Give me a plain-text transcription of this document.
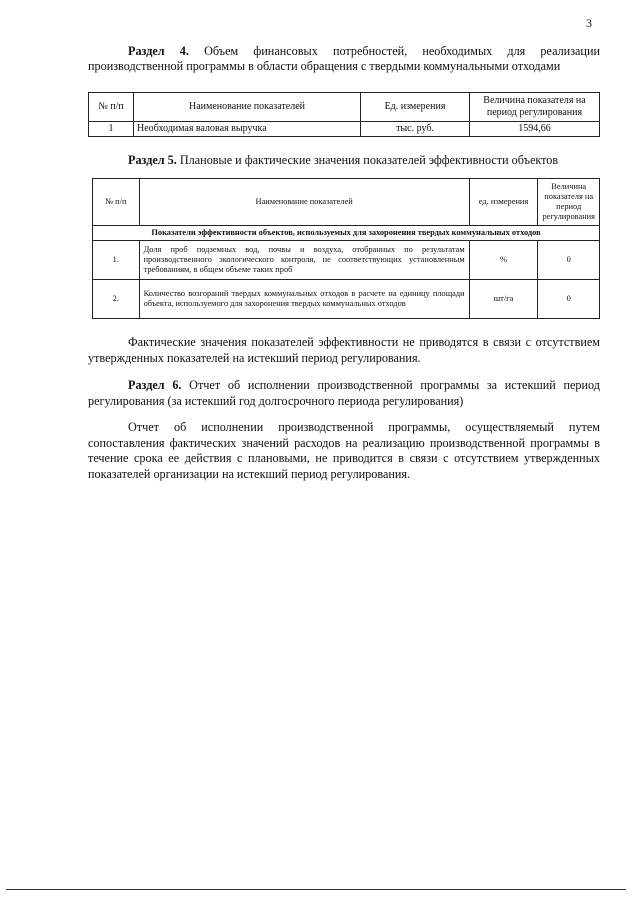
3
Раздел 4. Объем финансовых потребностей, необходимых для реализации производственной программы в области обращения с твердыми коммунальными отходами
№ п/п	Наименование показателей	Ед. измерения	Величина показателя на период регулирования
1	Необходимая валовая выручка	тыс. руб.	1594,66
Раздел 5. Плановые и фактические значения показателей эффективности объектов
№ п/п	Наименование показателей	ед. измерения	Величина показателя на период регулирования
Показатели эффективности объектов, используемых для захоронения твердых коммунальных отходов			
1.	Доля проб подземных вод, почвы и воздуха, отобранных по результатам производственного экологического контроля, не соответствующих установленным требованиям, в общем объеме таких проб	%	0
2.	Количество возгораний твердых коммунальных отходов в расчете на единицу площади объекта, используемого для захоронения твердых коммунальных отходов	шт/га	0
Фактические значения показателей эффективности не приводятся в связи с отсутствием утвержденных показателей на истекший период регулирования.
Раздел 6. Отчет об исполнении производственной программы за истекший период регулирования (за истекший год долгосрочного периода регулирования)
Отчет об исполнении производственной программы, осуществляемый путем сопоставления фактических значений расходов на реализацию производственной программы в течение срока ее действия с плановыми, не приводится в связи с отсутствием утвержденных показателей организации на истекший период регулирования.
